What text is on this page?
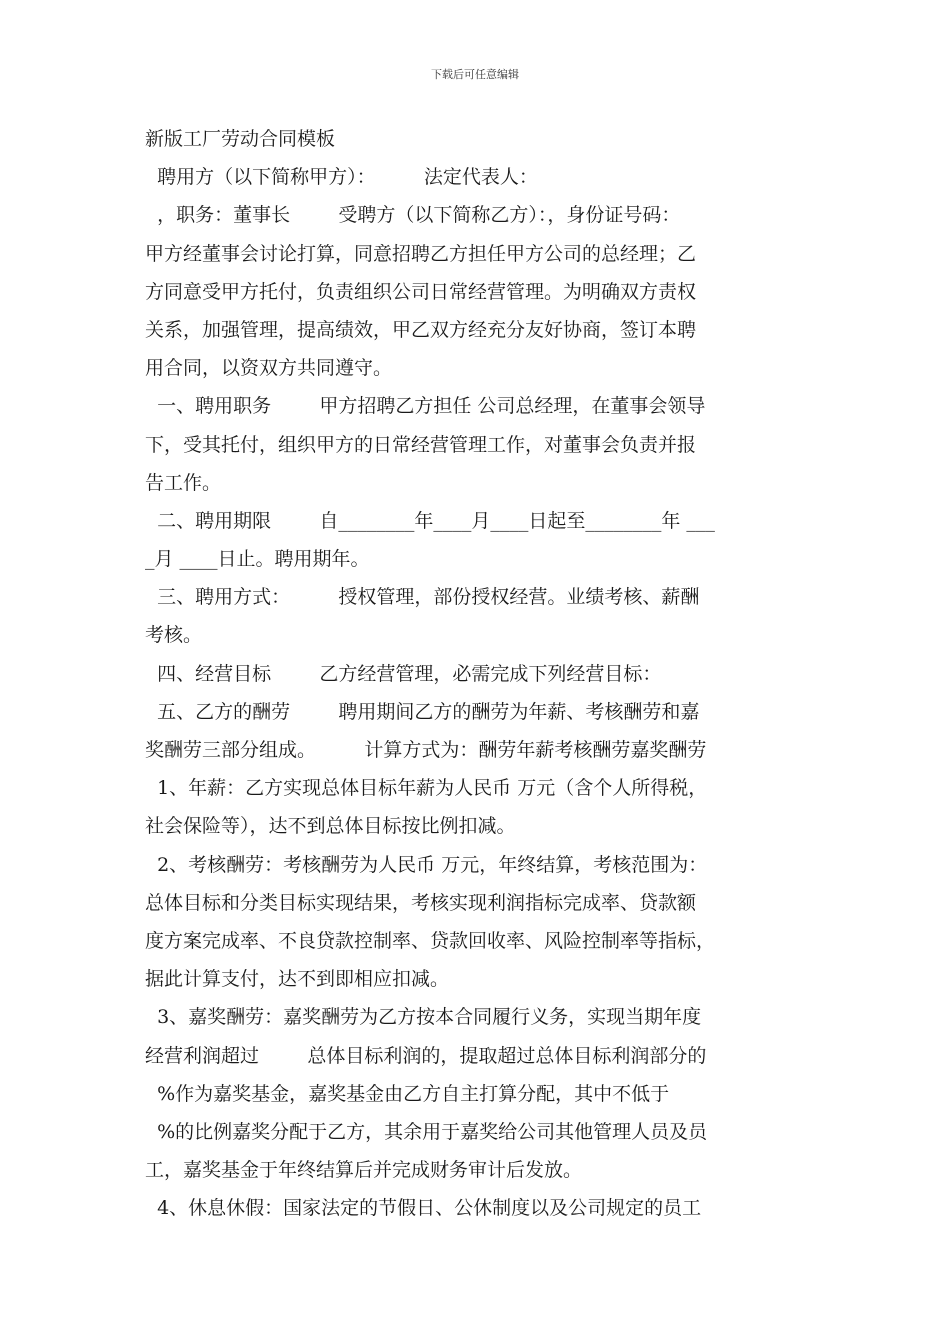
下载后可任意编辑
新版工厂劳动合同模板
聘用方（以下简称甲方）：        法定代表人：
，职务：董事长        受聘方（以下简称乙方）：，身份证号码：
甲方经董事会讨论打算，同意招聘乙方担任甲方公司的总经理；乙
方同意受甲方托付，负责组织公司日常经营管理。为明确双方责权
关系，加强管理，提高绩效，甲乙双方经充分友好协商，签订本聘
用合同，以资双方共同遵守。
一、聘用职务        甲方招聘乙方担任 公司总经理，在董事会领导
下，受其托付，组织甲方的日常经营管理工作，对董事会负责并报
告工作。
二、聘用期限        自________年____月____日起至________年 ___
_月 ____日止。聘用期年。
三、聘用方式：        授权管理，部份授权经营。业绩考核、薪酬
考核。
四、经营目标        乙方经营管理，必需完成下列经营目标：
五、乙方的酬劳        聘用期间乙方的酬劳为年薪、考核酬劳和嘉
奖酬劳三部分组成。        计算方式为：酬劳年薪考核酬劳嘉奖酬劳
1、年薪：乙方实现总体目标年薪为人民币 万元（含个人所得税，
社会保险等），达不到总体目标按比例扣减。
2、考核酬劳：考核酬劳为人民币 万元，年终结算，考核范围为：
总体目标和分类目标实现结果，考核实现利润指标完成率、贷款额
度方案完成率、不良贷款控制率、贷款回收率、风险控制率等指标，
据此计算支付，达不到即相应扣减。
3、嘉奖酬劳：嘉奖酬劳为乙方按本合同履行义务，实现当期年度
经营利润超过        总体目标利润的，提取超过总体目标利润部分的
%作为嘉奖基金，嘉奖基金由乙方自主打算分配，其中不低于
%的比例嘉奖分配于乙方，其余用于嘉奖给公司其他管理人员及员
工，嘉奖基金于年终结算后并完成财务审计后发放。
4、休息休假：国家法定的节假日、公休制度以及公司规定的员工
